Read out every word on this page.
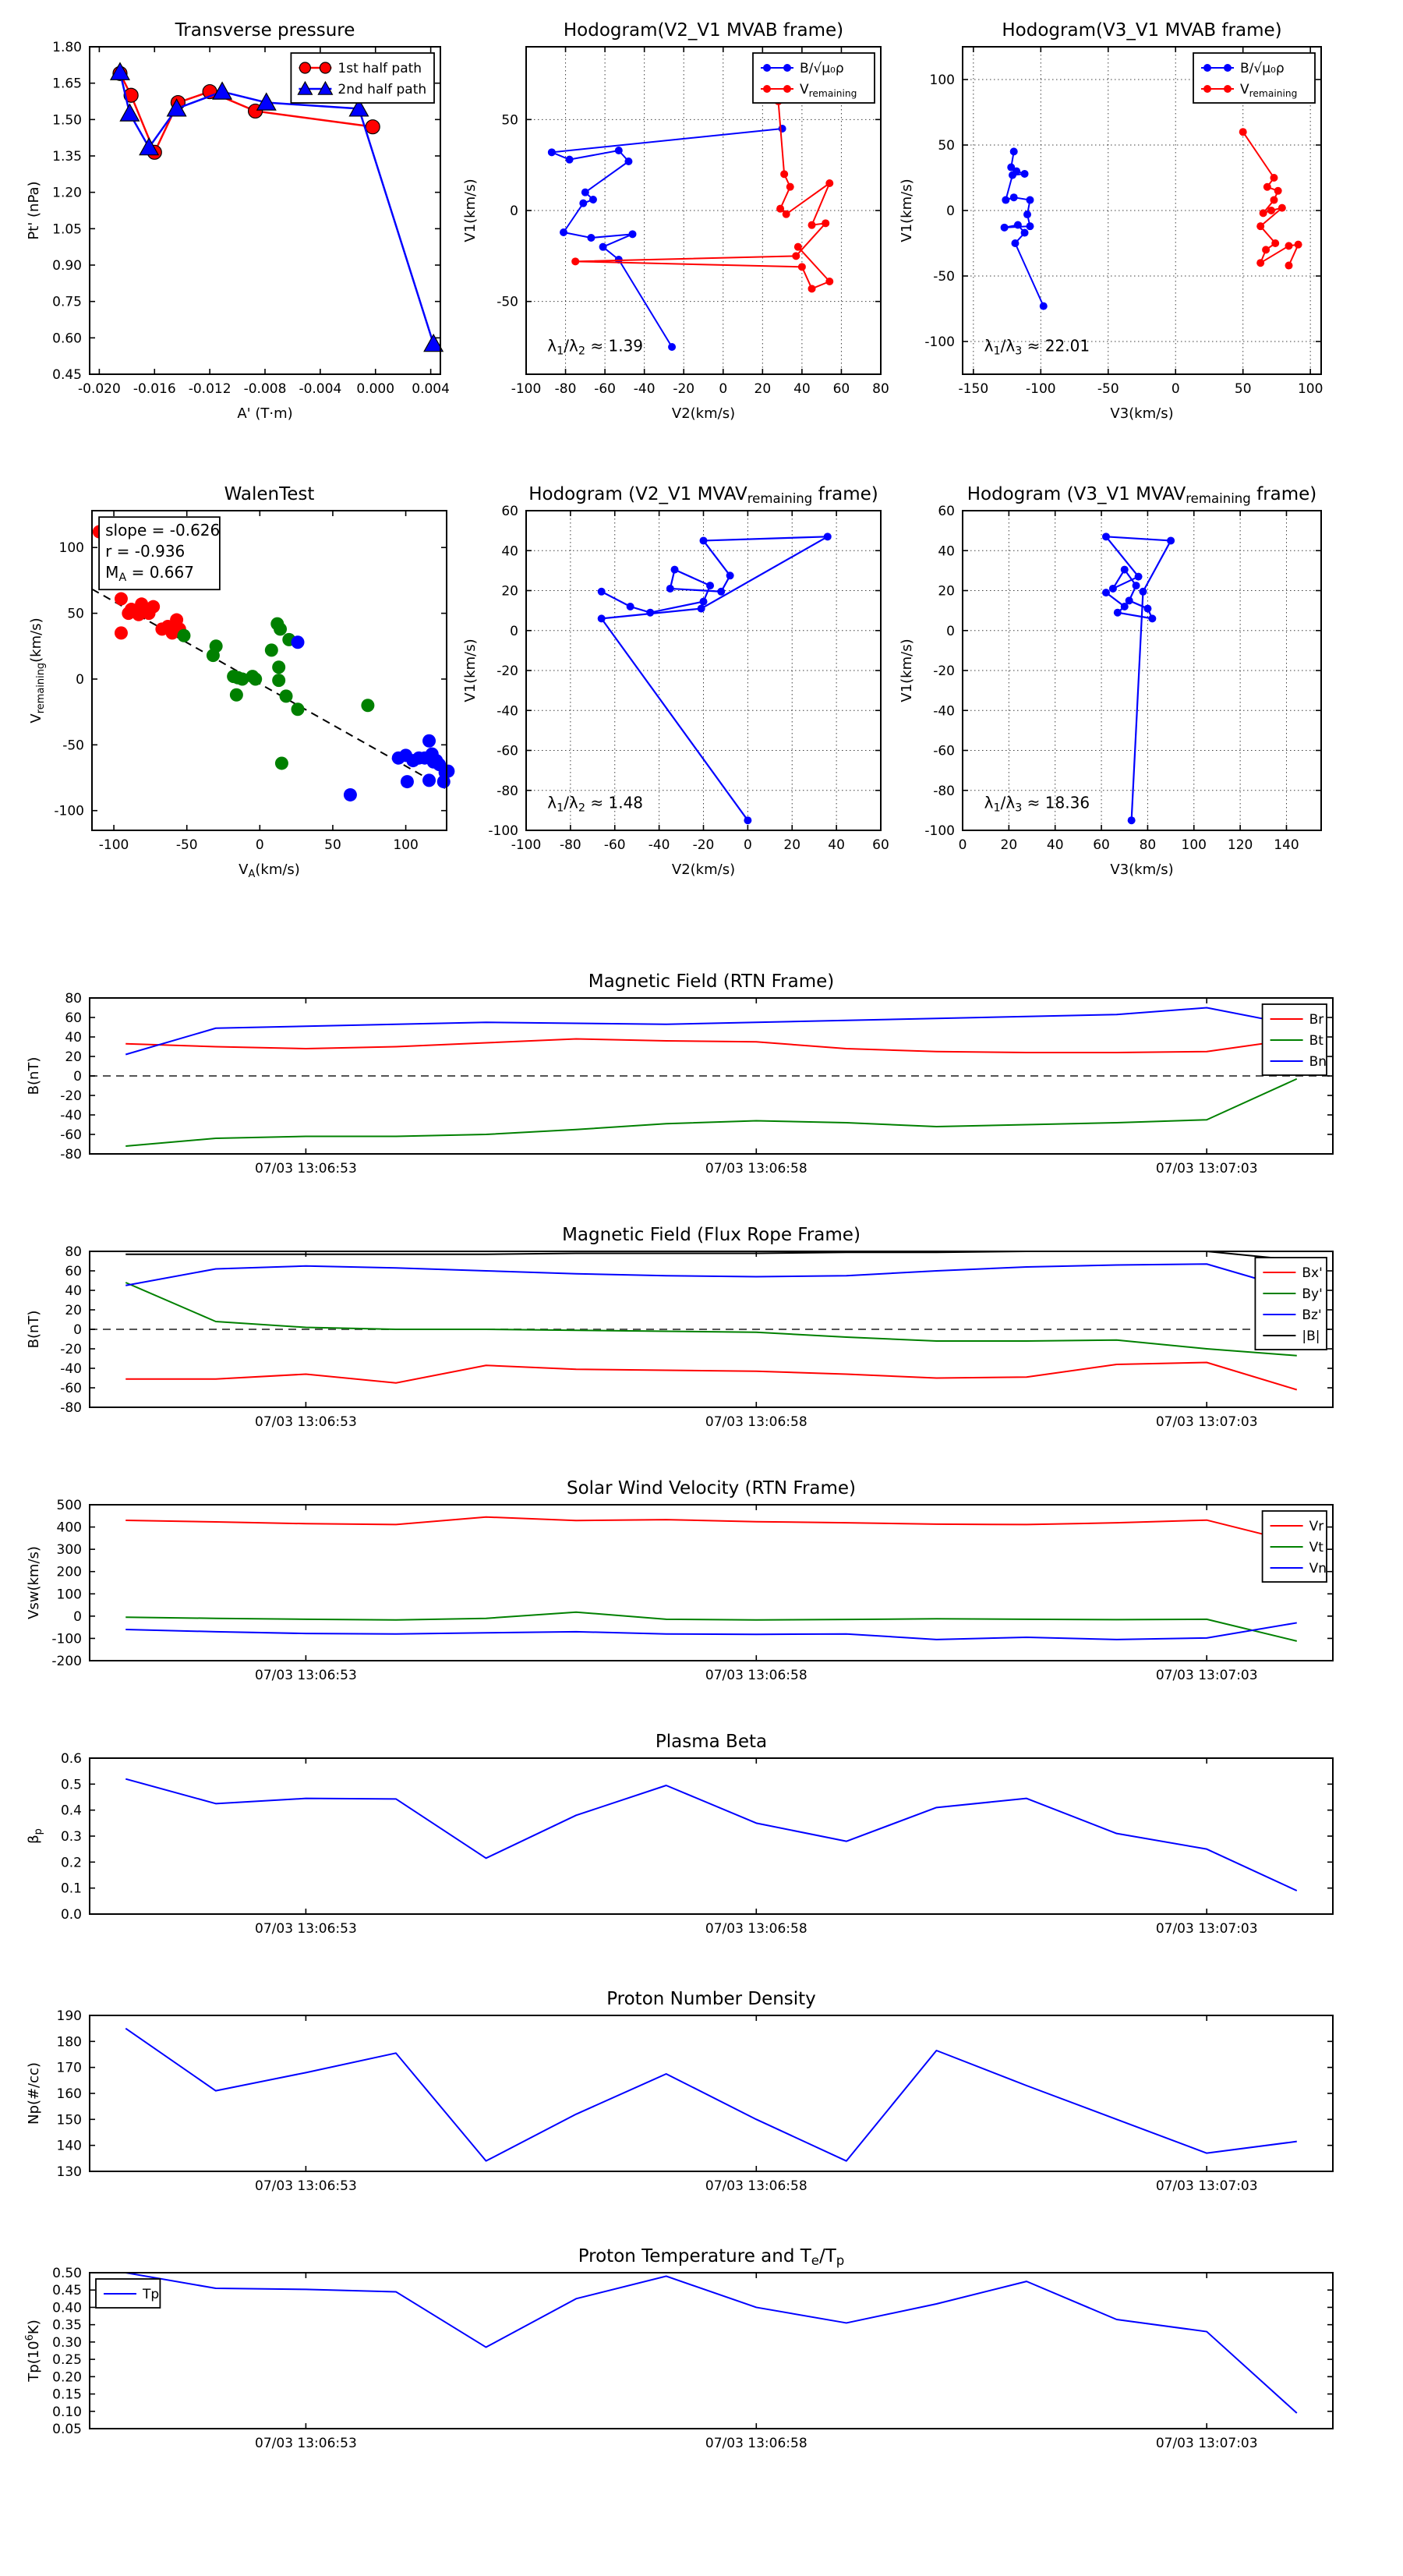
-0.020 -0.016 -0.012 -0.008 -0.004 0.000 0.004
0.45
0.60
0.75
0.90
1.05
1.20
1.35
1.50
1.65
1.80
Transverse pressure
A' (T·m)
Pt' (nPa)
1st half path
2nd half path
-100 -80 -60 -40 -20 0 20 40 60 80
-50
0
50
Hodogram(V2_V1 MVAB frame)
V2(km/s)
V1(km/s)
$\lambda_1/\lambda_2 \approx 1.39$
B/√μ₀ρ
$V_{remaining}$
-150	-100	-50	0	50	100
-100
-50
0
50
100
Hodogram(V3_V1 MVAB frame)
V3(km/s)
V1(km/s)
$\lambda_1/\lambda_3 \approx 22.01$
B/√μ₀ρ
$V_{remaining}$
-100	-50	0	50	100
-100
-50
0
50
100
WalenTest
$V_A(km/s)$
$V_{remaining}(km/s)$
slope = -0.626
r = -0.936
$M_A = 0.667$
-100 -80 -60 -40 -20 0 20 40 60
-100
-80
-60
-40
-20
0
20
40
60
Hodogram (V2_V1 MVAVremaining frame)
V2(km/s)
V1(km/s)
$\lambda_1/\lambda_2 \approx 1.48$
0	20 40 60 80 100 120 140
-100
-80
-60
-40
-20
0
20
40
60
Hodogram (V3_V1 MVAVremaining frame)
V3(km/s)
V1(km/s)
$\lambda_1/\lambda_3 \approx 18.36$
07/03 13:06:53	07/03 13:06:58	07/03 13:07:03
-80
-60
-40
-20
0
20
40
60
80
Magnetic Field (RTN Frame)
B(nT)
Br
Bt
Bn
07/03 13:06:53	07/03 13:06:58	07/03 13:07:03
-80
-60
-40
-20
0
20
40
60
80
Magnetic Field (Flux Rope Frame)
B(nT)
Bx'
By'
Bz'
|B|
07/03 13:06:53	07/03 13:06:58	07/03 13:07:03
-200
-100
0
100
200
300
400
500
Solar Wind Velocity (RTN Frame)
Vsw(km/s)
Vr
Vt
Vn
07/03 13:06:53	07/03 13:06:58	07/03 13:07:03
0.0
0.1
0.2
0.3
0.4
0.5
0.6
Plasma Beta
$\beta_p$
07/03 13:06:53	07/03 13:06:58	07/03 13:07:03
130
140
150
160
170
180
190
Proton Number Density
Np(#/cc)
07/03 13:06:53	07/03 13:06:58	07/03 13:07:03
0.05
0.10
0.15
0.20
0.25
0.30
0.35
0.40
0.45
0.50
Proton Temperature and Te/Tp
$Tp(10^6K)$
Tp
